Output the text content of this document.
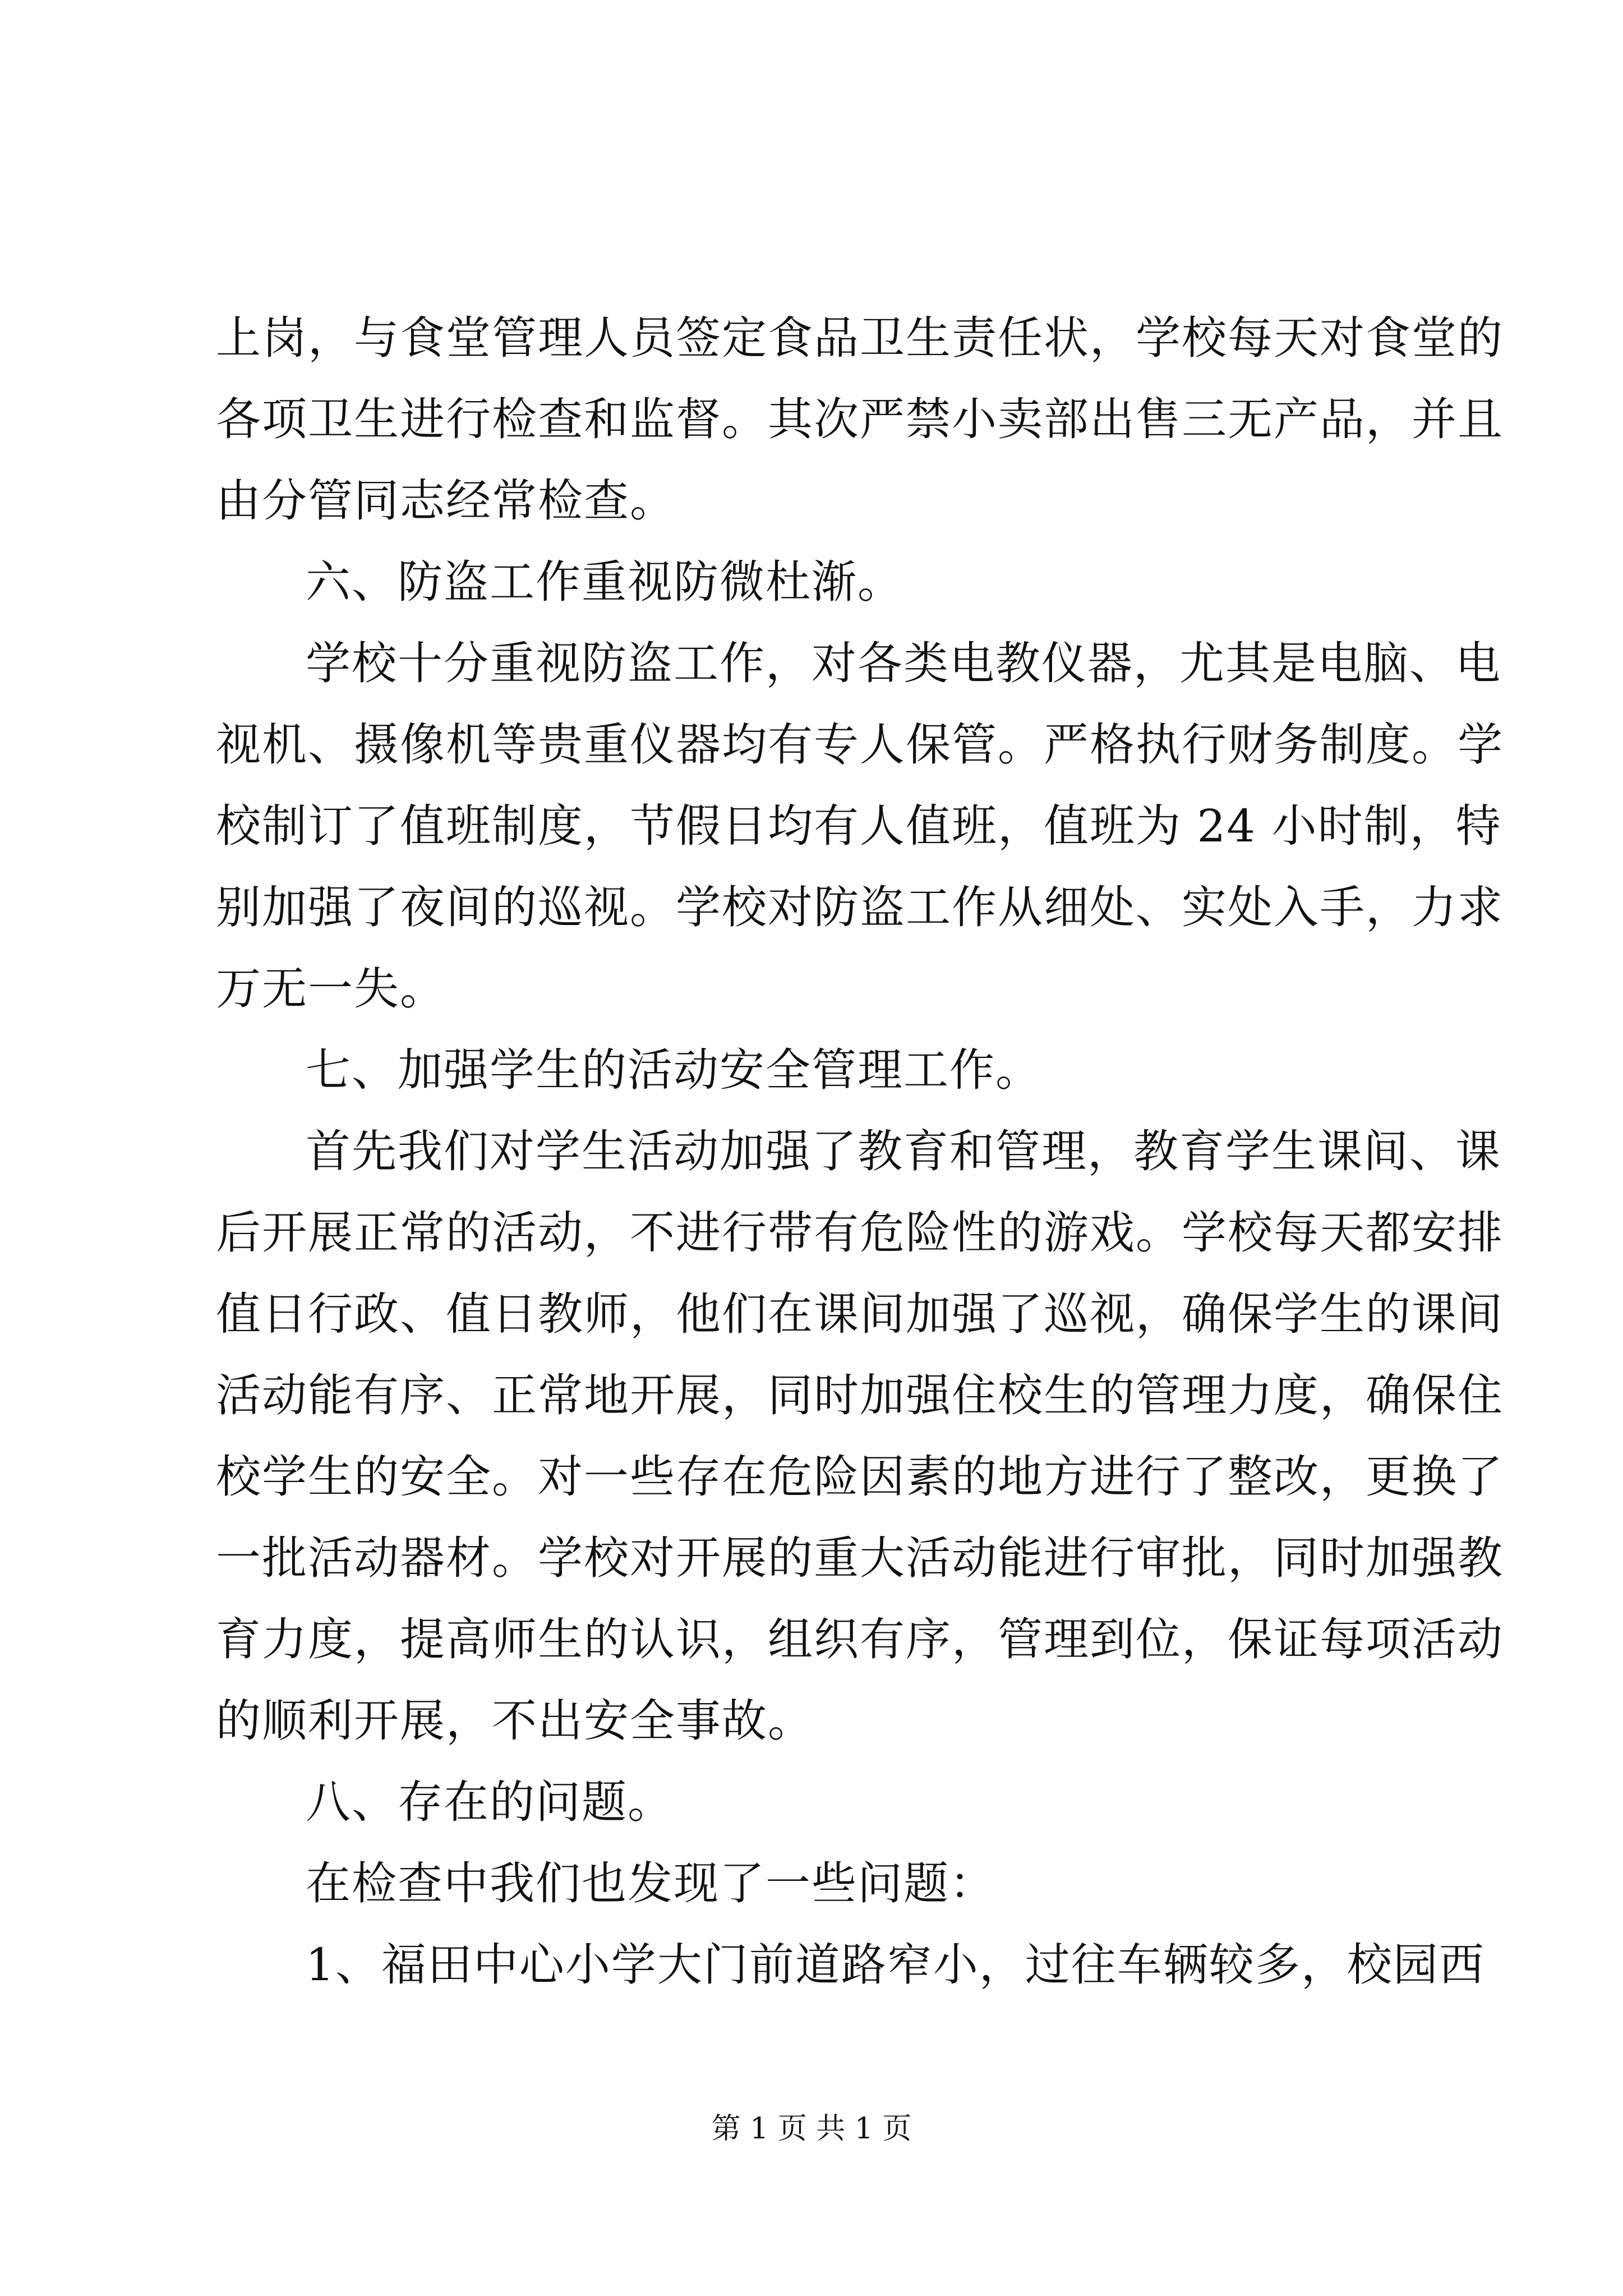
上岗，与食堂管理人员签定食品卫生责任状，学校每天对食堂的
各项卫生进行检查和监督。其次严禁小卖部出售三无产品，并且
由分管同志经常检查。
六、防盗工作重视防微杜渐。
学校十分重视防盗工作，对各类电教仪器，尤其是电脑、电
视机、摄像机等贵重仪器均有专人保管。严格执行财务制度。学
校制订了值班制度，节假日均有人值班，值班为 24 小时制，特
别加强了夜间的巡视。学校对防盗工作从细处、实处入手，力求
万无一失。
七、加强学生的活动安全管理工作。
首先我们对学生活动加强了教育和管理，教育学生课间、课
后开展正常的活动，不进行带有危险性的游戏。学校每天都安排
值日行政、值日教师，他们在课间加强了巡视，确保学生的课间
活动能有序、正常地开展，同时加强住校生的管理力度，确保住
校学生的安全。对一些存在危险因素的地方进行了整改，更换了
一批活动器材。学校对开展的重大活动能进行审批，同时加强教
育力度，提高师生的认识，组织有序，管理到位，保证每项活动
的顺利开展，不出安全事故。
八、存在的问题。
在检查中我们也发现了一些问题：
1、福田中心小学大门前道路窄小，过往车辆较多，校园西
第 1 页 共 1 页
